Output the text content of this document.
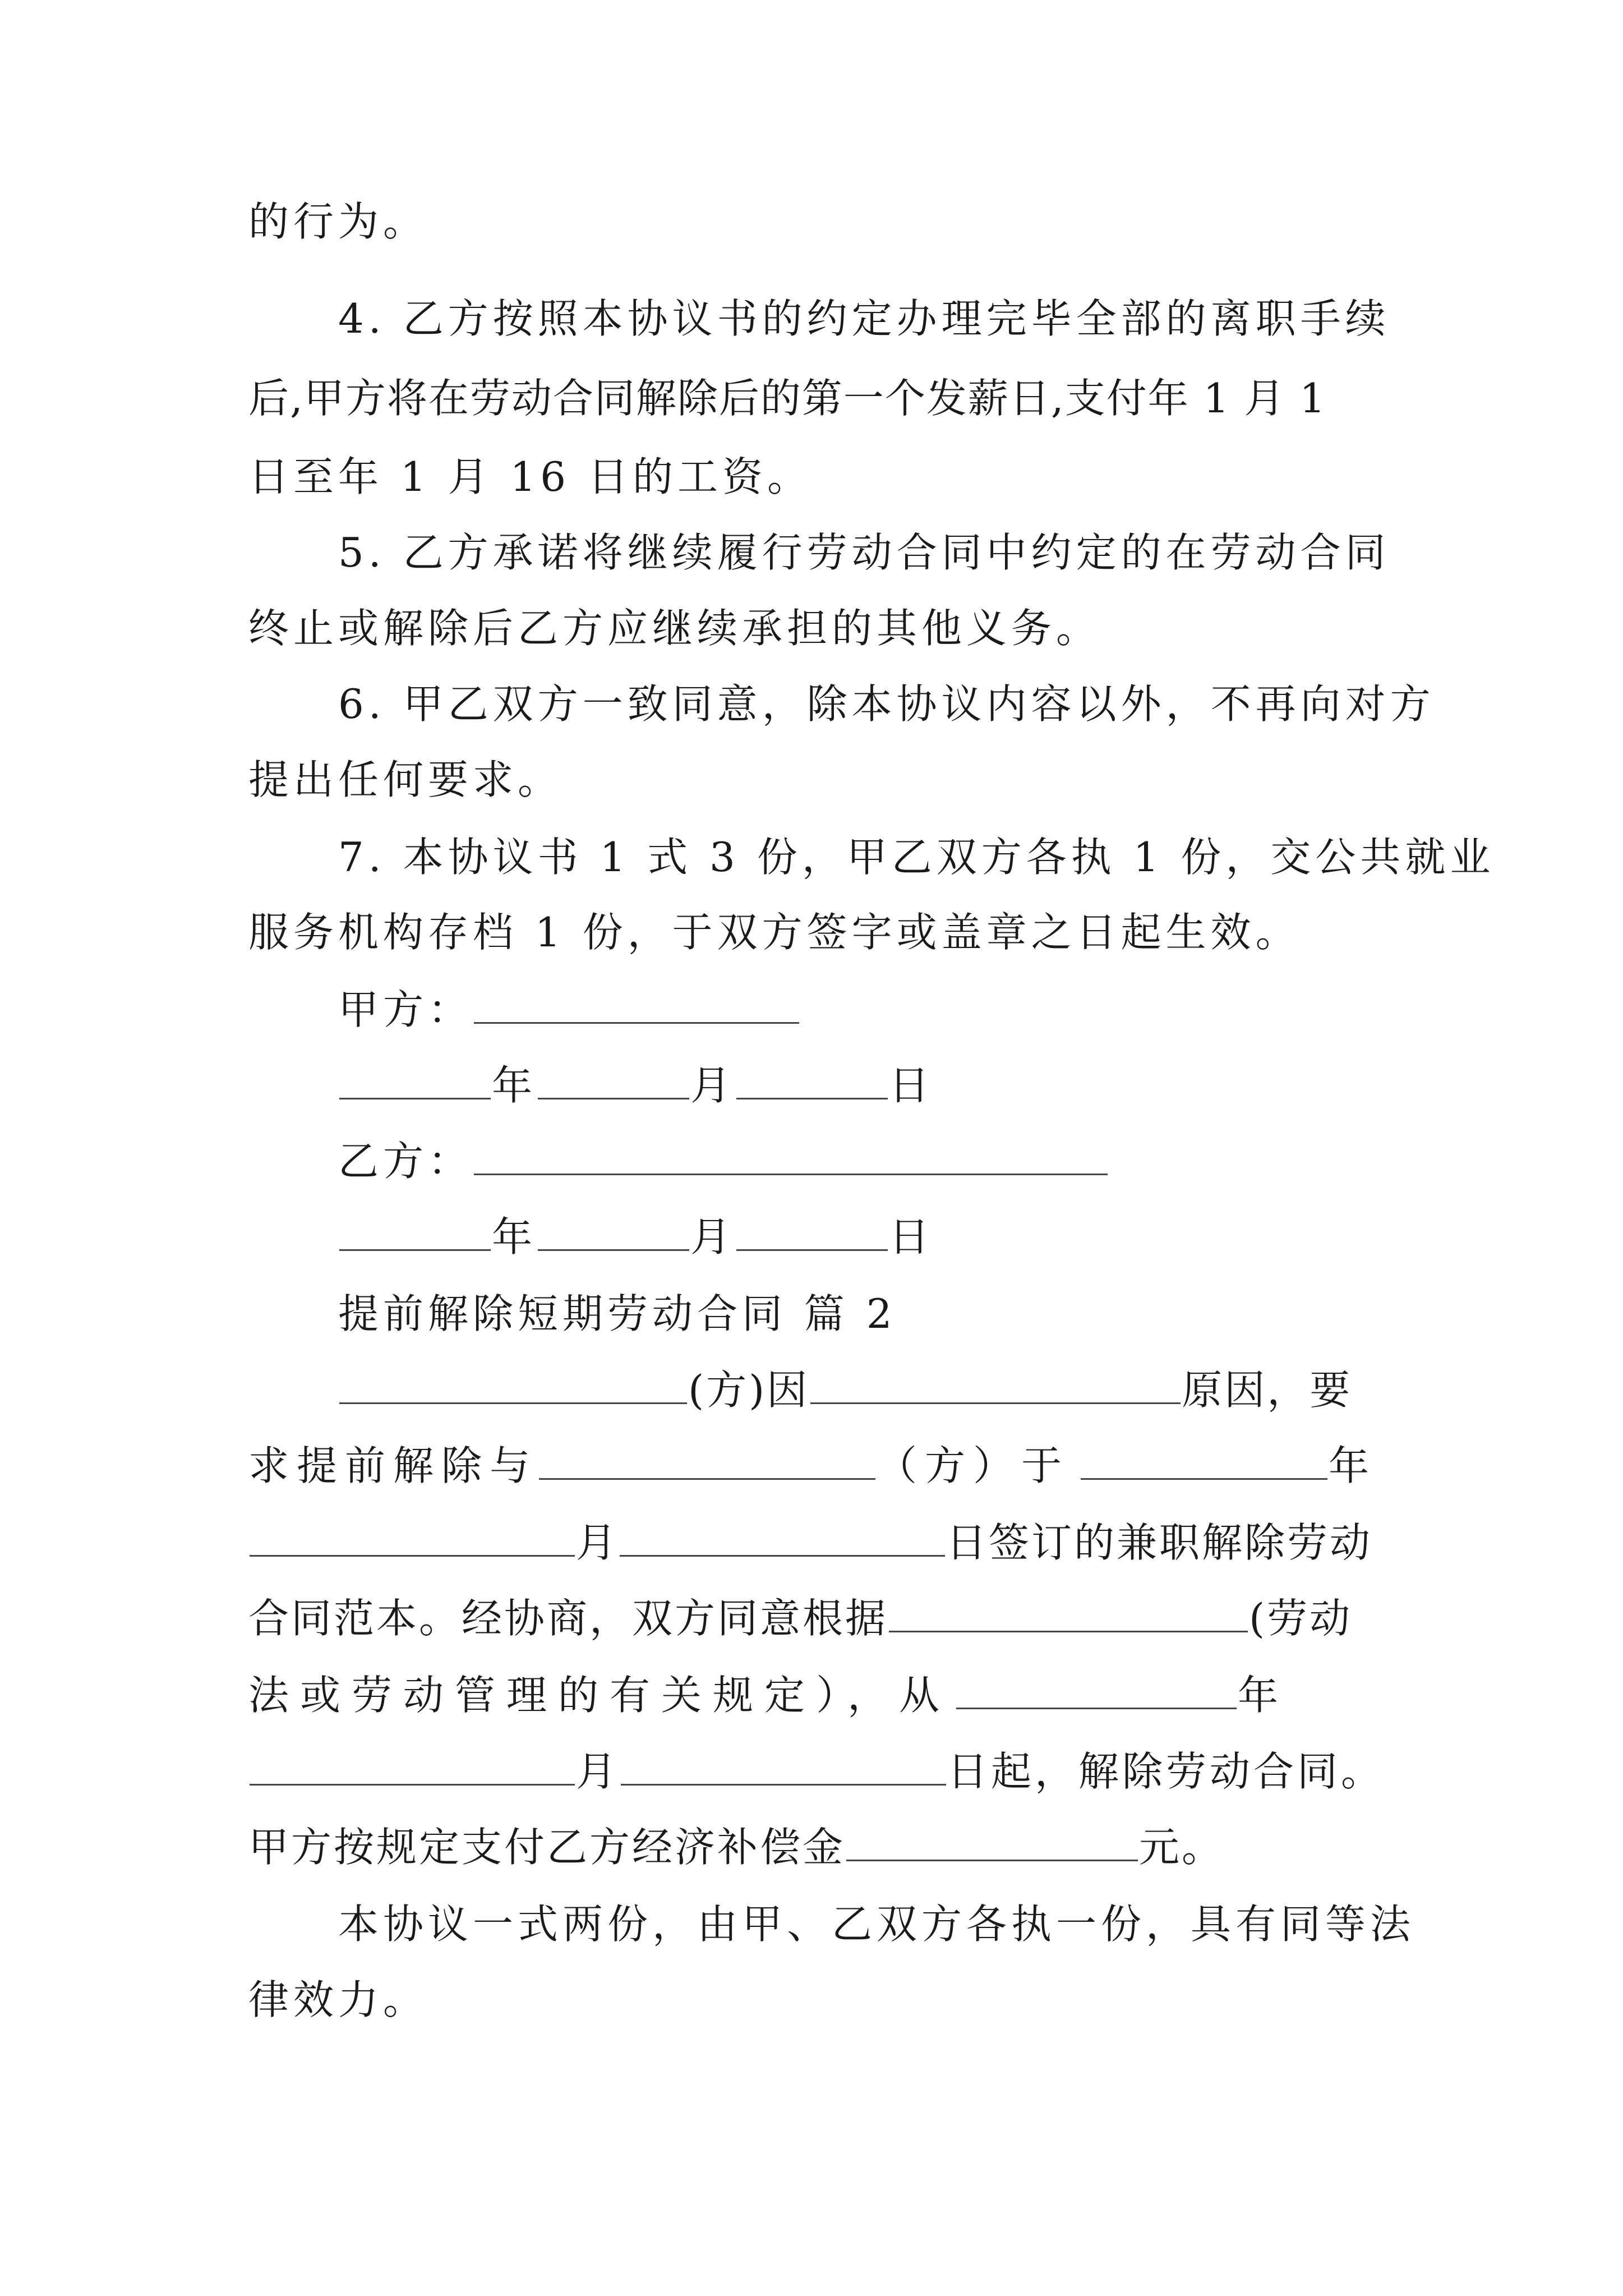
的行为。
4. 乙方按照本协议书的约定办理完毕全部的离职手续
后,甲方将在劳动合同解除后的第一个发薪日,支付年 1 月 1
日至年 1 月 16 日的工资。
5. 乙方承诺将继续履行劳动合同中约定的在劳动合同
终止或解除后乙方应继续承担的其他义务。
6. 甲乙双方一致同意，除本协议内容以外，不再向对方
提出任何要求。
7. 本协议书 1 式 3 份，甲乙双方各执 1 份，交公共就业
服务机构存档 1 份，于双方签字或盖章之日起生效。
甲方：
年	月	日
乙方：
年	月	日
提前解除短期劳动合同 篇 2
(方)因	原因，要
求提前解除与	（方）于	年
月	日签订的兼职解除劳动
合同范本。经协商，双方同意根据	(劳动
法或劳动管理的有关规定），从	年
月	日起，解除劳动合同。
甲方按规定支付乙方经济补偿金	元。
本协议一式两份，由甲、乙双方各执一份，具有同等法
律效力。
